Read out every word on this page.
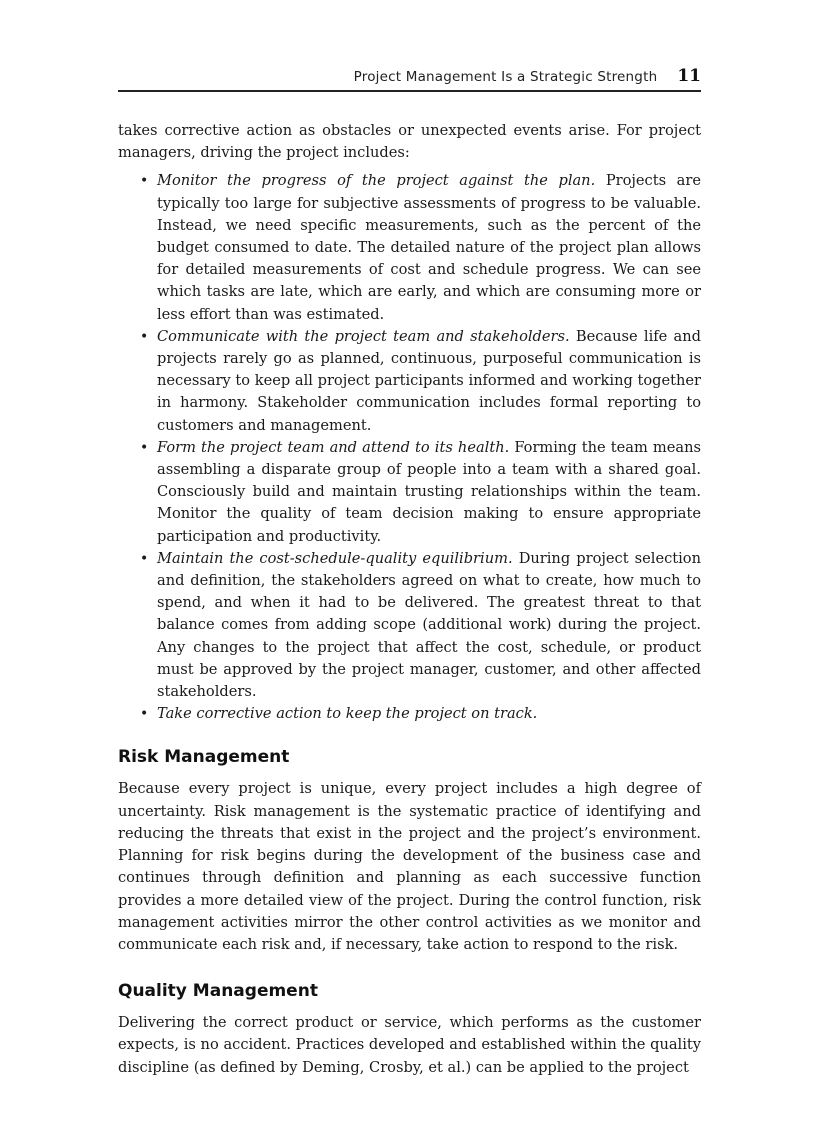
Project Management Is a Strategic Strength 11

takes corrective action as obstacles or unexpected events arise. For project managers, driving the project includes:

• Monitor the progress of the project against the plan. Projects are typically too large for subjective assessments of progress to be valuable. Instead, we need specific measurements, such as the percent of the budget consumed to date. The detailed nature of the project plan allows for detailed measurements of cost and schedule progress. We can see which tasks are late, which are early, and which are consuming more or less effort than was estimated.
• Communicate with the project team and stakeholders. Because life and projects rarely go as planned, continuous, purposeful communication is necessary to keep all project participants informed and working together in harmony. Stakeholder communication includes formal reporting to customers and management.
• Form the project team and attend to its health. Forming the team means assembling a disparate group of people into a team with a shared goal. Consciously build and maintain trusting relationships within the team. Monitor the quality of team decision making to ensure appropriate participation and productivity.
• Maintain the cost-schedule-quality equilibrium. During project selection and definition, the stakeholders agreed on what to create, how much to spend, and when it had to be delivered. The greatest threat to that balance comes from adding scope (additional work) during the project. Any changes to the project that affect the cost, schedule, or product must be approved by the project manager, customer, and other affected stakeholders.
• Take corrective action to keep the project on track.
Risk Management

Because every project is unique, every project includes a high degree of uncertainty. Risk management is the systematic practice of identifying and reducing the threats that exist in the project and the project’s environment. Planning for risk begins during the development of the business case and continues through definition and planning as each successive function provides a more detailed view of the project. During the control function, risk management activities mirror the other control activities as we monitor and communicate each risk and, if necessary, take action to respond to the risk.

Quality Management

Delivering the correct product or service, which performs as the customer expects, is no accident. Practices developed and established within the quality discipline (as defined by Deming, Crosby, et al.) can be applied to the project
